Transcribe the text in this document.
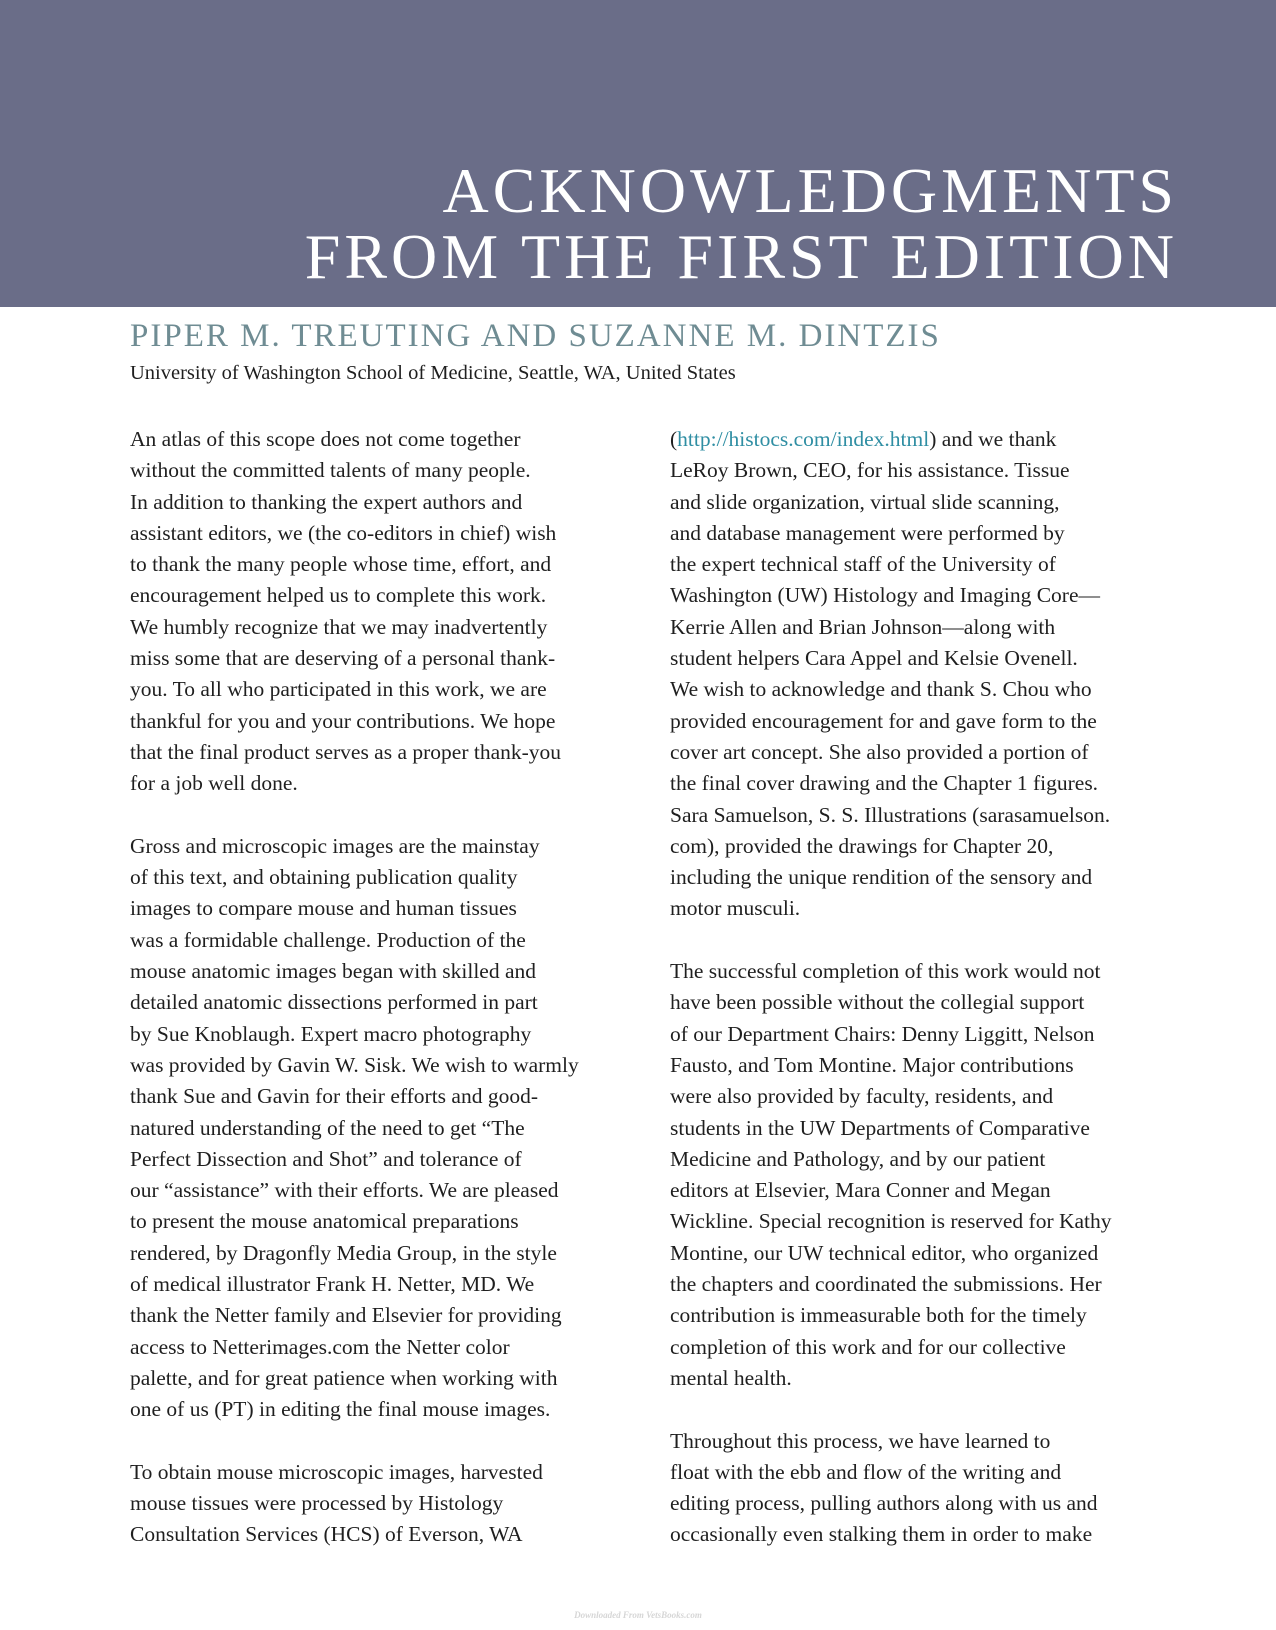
ACKNOWLEDGMENTS
FROM THE FIRST EDITION
PIPER M. TREUTING AND SUZANNE M. DINTZIS
University of Washington School of Medicine, Seattle, WA, United States

An atlas of this scope does not come together
without the committed talents of many people.
In addition to thanking the expert authors and
assistant editors, we (the co-editors in chief) wish
to thank the many people whose time, effort, and
encouragement helped us to complete this work.
We humbly recognize that we may inadvertently
miss some that are deserving of a personal thank-
you. To all who participated in this work, we are
thankful for you and your contributions. We hope
that the final product serves as a proper thank-you
for a job well done.

Gross and microscopic images are the mainstay
of this text, and obtaining publication quality
images to compare mouse and human tissues
was a formidable challenge. Production of the
mouse anatomic images began with skilled and
detailed anatomic dissections performed in part
by Sue Knoblaugh. Expert macro photography
was provided by Gavin W. Sisk. We wish to warmly
thank Sue and Gavin for their efforts and good-
natured understanding of the need to get “The
Perfect Dissection and Shot” and tolerance of
our “assistance” with their efforts. We are pleased
to present the mouse anatomical preparations
rendered, by Dragonfly Media Group, in the style
of medical illustrator Frank H. Netter, MD. We
thank the Netter family and Elsevier for providing
access to Netterimages.com the Netter color
palette, and for great patience when working with
one of us (PT) in editing the final mouse images.

To obtain mouse microscopic images, harvested
mouse tissues were processed by Histology
Consultation Services (HCS) of Everson, WA

(http://histocs.com/index.html) and we thank
LeRoy Brown, CEO, for his assistance. Tissue
and slide organization, virtual slide scanning,
and database management were performed by
the expert technical staff of the University of
Washington (UW) Histology and Imaging Core—
Kerrie Allen and Brian Johnson—along with
student helpers Cara Appel and Kelsie Ovenell.
We wish to acknowledge and thank S. Chou who
provided encouragement for and gave form to the
cover art concept. She also provided a portion of
the final cover drawing and the Chapter 1 figures.
Sara Samuelson, S. S. Illustrations (sarasamuelson.
com), provided the drawings for Chapter 20,
including the unique rendition of the sensory and
motor musculi.

The successful completion of this work would not
have been possible without the collegial support
of our Department Chairs: Denny Liggitt, Nelson
Fausto, and Tom Montine. Major contributions
were also provided by faculty, residents, and
students in the UW Departments of Comparative
Medicine and Pathology, and by our patient
editors at Elsevier, Mara Conner and Megan
Wickline. Special recognition is reserved for Kathy
Montine, our UW technical editor, who organized
the chapters and coordinated the submissions. Her
contribution is immeasurable both for the timely
completion of this work and for our collective
mental health.

Throughout this process, we have learned to
float with the ebb and flow of the writing and
editing process, pulling authors along with us and
occasionally even stalking them in order to make

Downloaded From VetsBooks.com
